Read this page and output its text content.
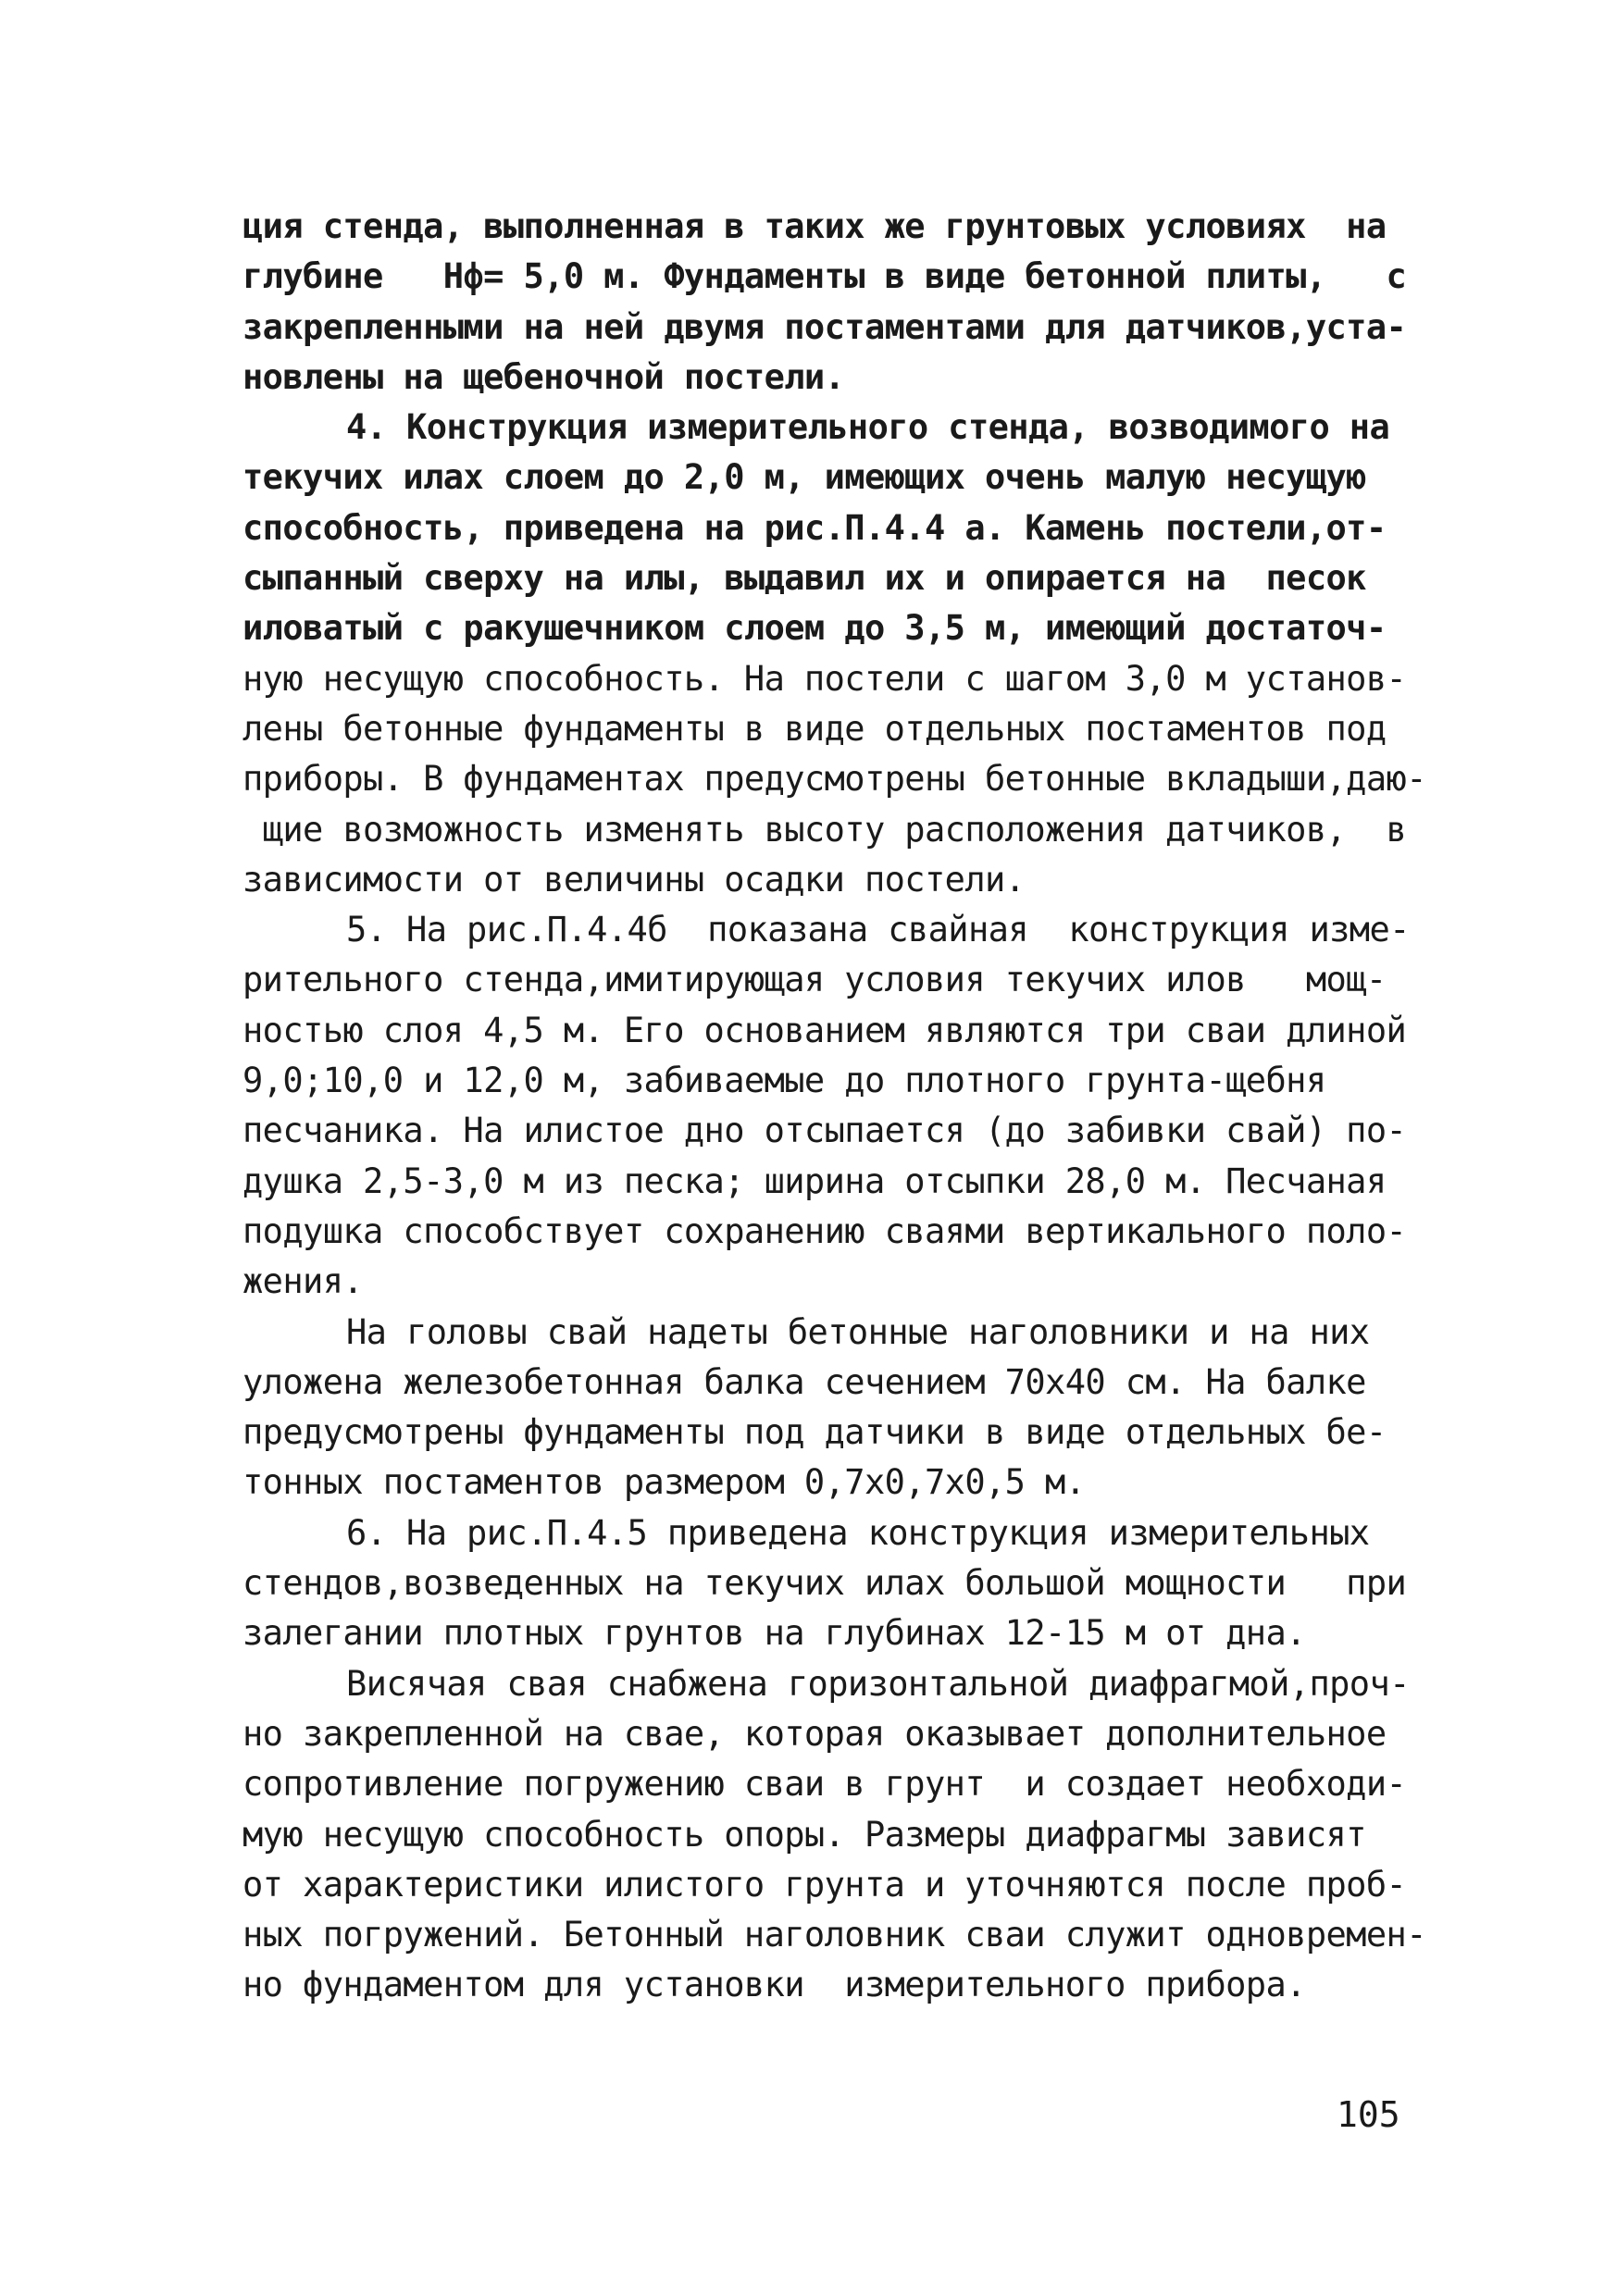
ция стенда, выполненная в таких же грунтовых условиях  на
глубине   Hф= 5,0 м. Фундаменты в виде бетонной плиты,   с
закрепленными на ней двумя постаментами для датчиков,уста-
новлены на щебеночной постели.
4. Конструкция измерительного стенда, возводимого на
текучих илах слоем до 2,0 м, имеющих очень малую несущую
способность, приведена на рис.П.4.4 а. Камень постели,от-
сыпанный сверху на илы, выдавил их и опирается на  песок
иловатый с ракушечником слоем до 3,5 м, имеющий достаточ-
ную несущую способность. На постели с шагом 3,0 м установ-
лены бетонные фундаменты в виде отдельных постаментов под
приборы. В фундаментах предусмотрены бетонные вкладыши,даю-
щие возможность изменять высоту расположения датчиков,  в
зависимости от величины осадки постели.
5. На рис.П.4.4б  показана свайная  конструкция изме-
рительного стенда,имитирующая условия текучих илов   мощ-
ностью слоя 4,5 м. Его основанием являются три сваи длиной
9,0;10,0 и 12,0 м, забиваемые до плотного грунта-щебня
песчаника. На илистое дно отсыпается (до забивки свай) по-
душка 2,5-3,0 м из песка; ширина отсыпки 28,0 м. Песчаная
подушка способствует сохранению сваями вертикального поло-
жения.
На головы свай надеты бетонные наголовники и на них
уложена железобетонная балка сечением 70х40 см. На балке
предусмотрены фундаменты под датчики в виде отдельных бе-
тонных постаментов размером 0,7х0,7х0,5 м.
6. На рис.П.4.5 приведена конструкция измерительных
стендов,возведенных на текучих илах большой мощности   при
залегании плотных грунтов на глубинах 12-15 м от дна.
Висячая свая снабжена горизонтальной диафрагмой,проч-
но закрепленной на свае, которая оказывает дополнительное
сопротивление погружению сваи в грунт  и создает необходи-
мую несущую способность опоры. Размеры диафрагмы зависят
от характеристики илистого грунта и уточняются после проб-
ных погружений. Бетонный наголовник сваи служит одновремен-
но фундаментом для установки  измерительного прибора.
105
